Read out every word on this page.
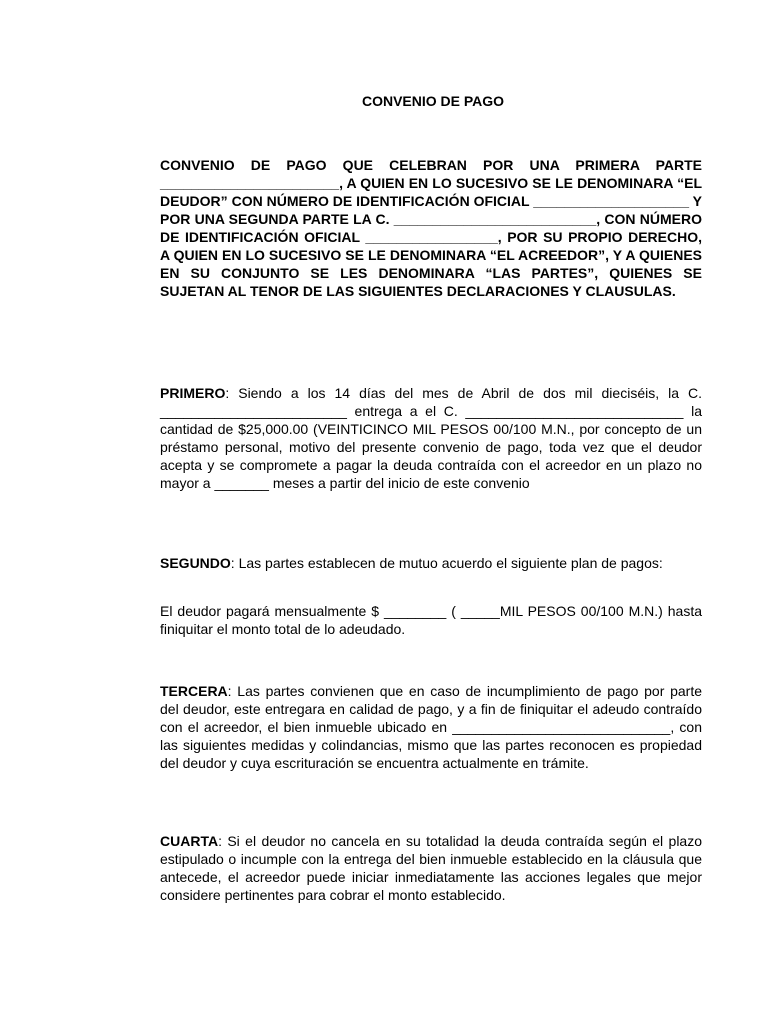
CONVENIO DE PAGO

CONVENIO DE PAGO QUE CELEBRAN POR UNA PRIMERA PARTE _______________________, A QUIEN EN LO SUCESIVO SE LE DENOMINARA “EL DEUDOR” CON NÚMERO DE IDENTIFICACIÓN OFICIAL ____________________ Y POR UNA SEGUNDA PARTE LA C. __________________________, CON NÚMERO DE IDENTIFICACIÓN OFICIAL _________________, POR SU PROPIO DERECHO, A QUIEN EN LO SUCESIVO SE LE DENOMINARA “EL ACREEDOR”, Y A QUIENES EN SU CONJUNTO SE LES DENOMINARA “LAS PARTES”, QUIENES SE SUJETAN AL TENOR DE LAS SIGUIENTES DECLARACIONES Y CLAUSULAS.

PRIMERO: Siendo a los 14 días del mes de Abril de dos mil dieciséis, la C. ________________________ entrega a el C. ____________________________ la cantidad de $25,000.00 (VEINTICINCO MIL PESOS 00/100 M.N., por concepto de un préstamo personal, motivo del presente convenio de pago, toda vez que el deudor acepta y se compromete a pagar la deuda contraída con el acreedor en un plazo no mayor a _______ meses a partir del inicio de este convenio

SEGUNDO: Las partes establecen de mutuo acuerdo el siguiente plan de pagos:

El deudor pagará mensualmente $ ________ ( _____MIL PESOS 00/100 M.N.) hasta finiquitar el monto total de lo adeudado.

TERCERA: Las partes convienen que en caso de incumplimiento de pago por parte del deudor, este entregara en calidad de pago, y a fin de finiquitar el adeudo contraído con el acreedor, el bien inmueble ubicado en ____________________________, con las siguientes medidas y colindancias, mismo que las partes reconocen es propiedad del deudor y cuya escrituración se encuentra actualmente en trámite.

CUARTA: Si el deudor no cancela en su totalidad la deuda contraída según el plazo estipulado o incumple con la entrega del bien inmueble establecido en la cláusula que antecede, el acreedor puede iniciar inmediatamente las acciones legales que mejor considere pertinentes para cobrar el monto establecido.
